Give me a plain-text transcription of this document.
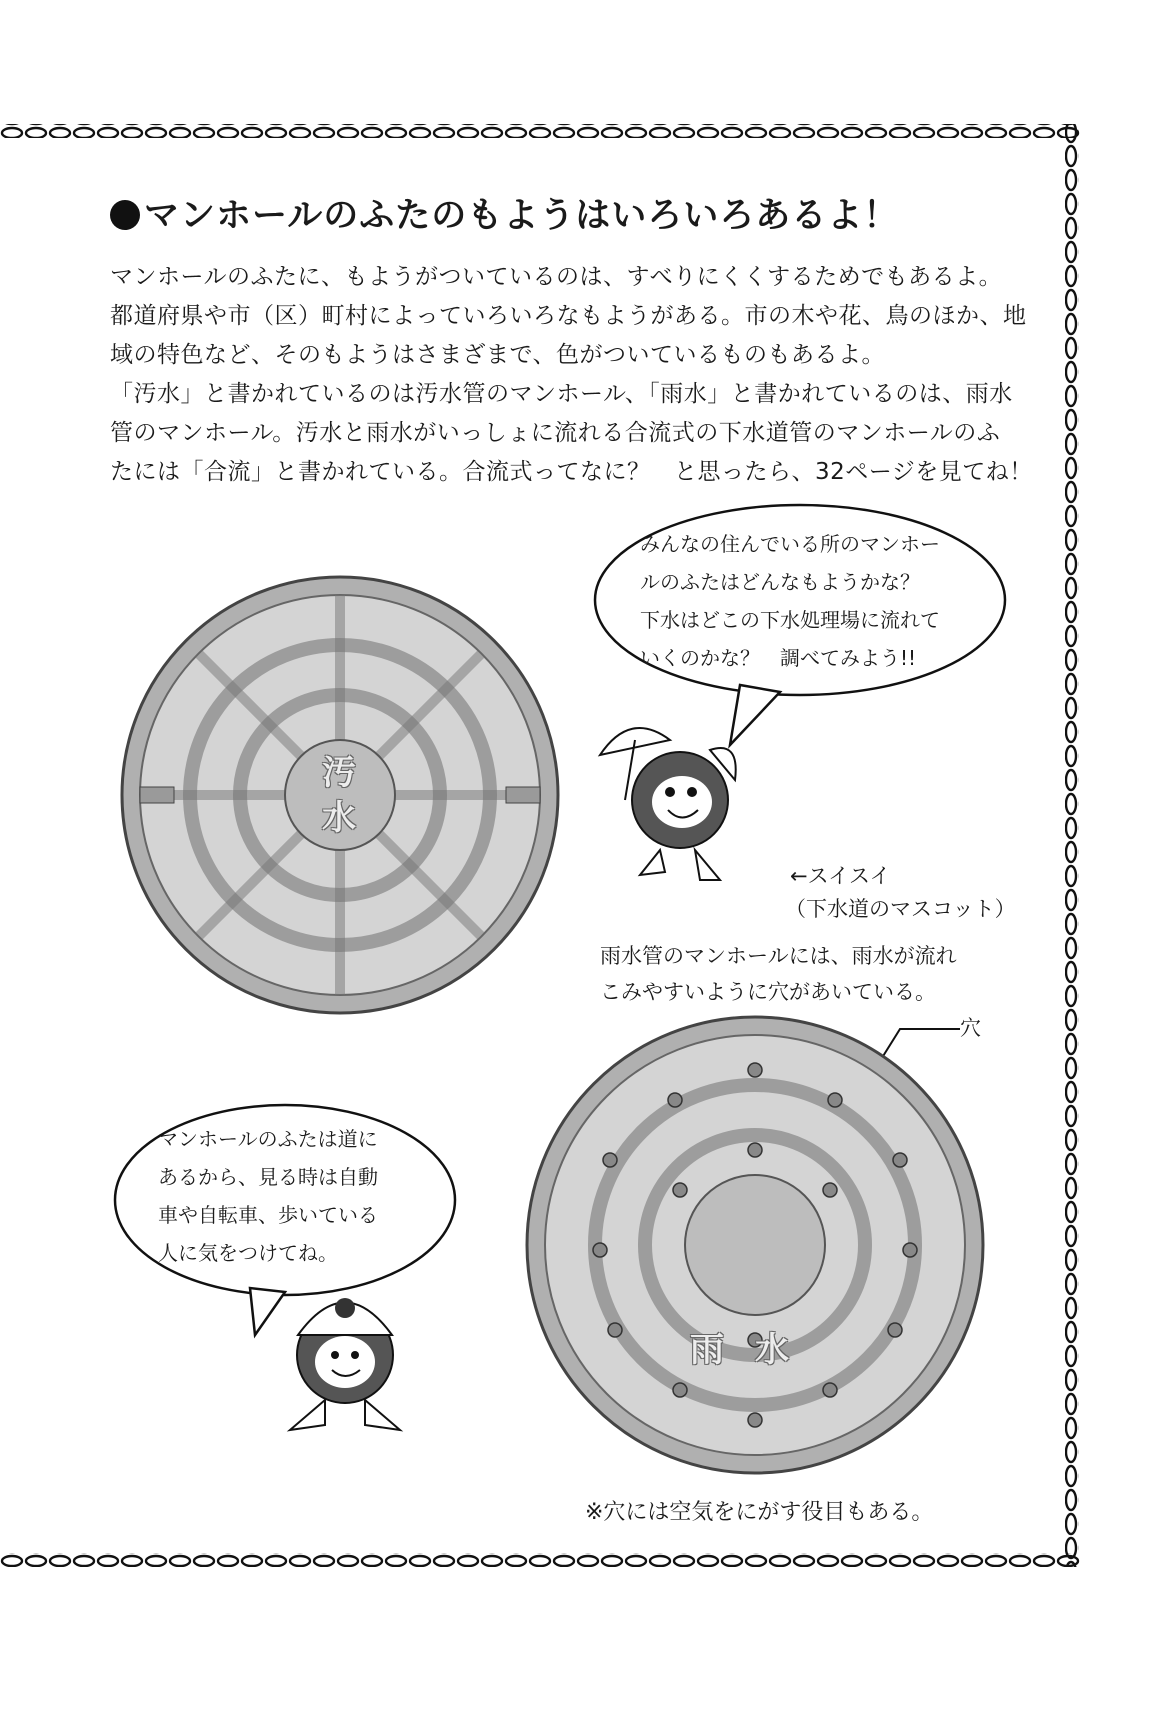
マンホールのふたのもようはいろいろあるよ！

マンホールのふたに、もようがついているのは、すべりにくくするためでもあるよ。

都道府県や市（区）町村によっていろいろなもようがある。市の木や花、鳥のほか、地

域の特色など、そのもようはさまざまで、色がついているものもあるよ。

「汚水」と書かれているのは汚水管のマンホール、「雨水」と書かれているのは、雨水

管のマンホール。汚水と雨水がいっしょに流れる合流式の下水道管のマンホールのふ

たには「合流」と書かれている。合流式ってなに？　と思ったら、32ページを見てね！

汚
水
みんなの住んでいる所のマンホー
ルのふたはどんなもようかな？
下水はどこの下水処理場に流れて
いくのかな？　調べてみよう!!
←スイスイ
（下水道のマスコット）
雨水管のマンホールには、雨水が流れ
こみやすいように穴があいている。
穴
雨 水
マンホールのふたは道に
あるから、見る時は自動
車や自転車、歩いている
人に気をつけてね。
※穴には空気をにがす役目もある。
